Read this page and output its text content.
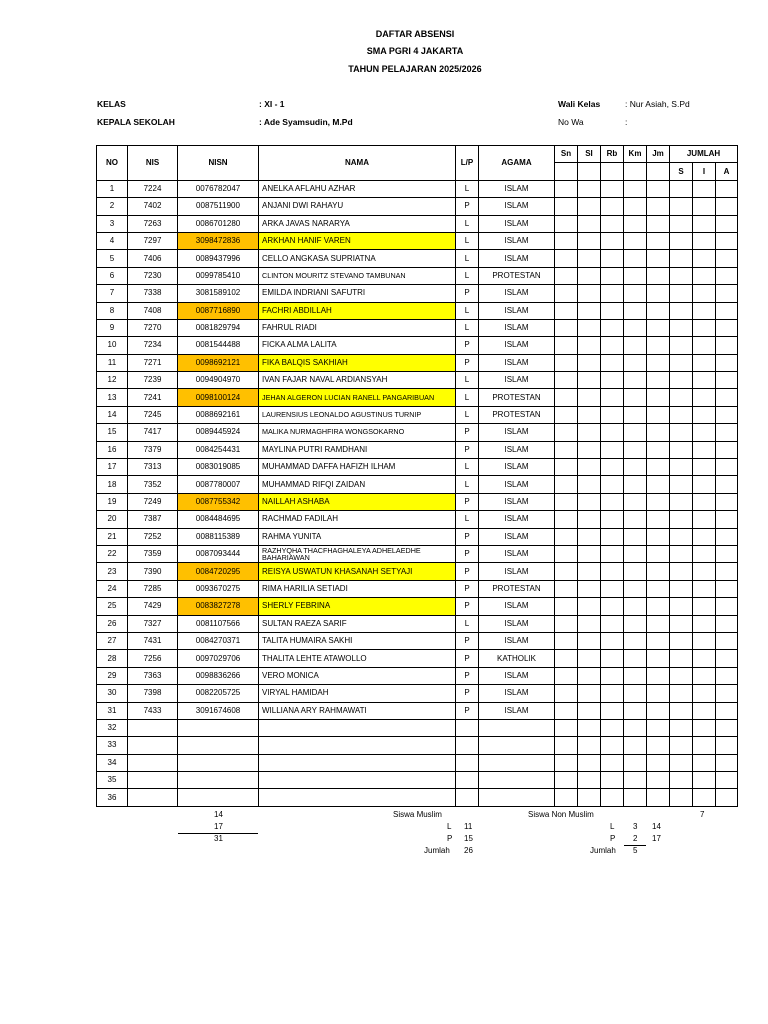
DAFTAR ABSENSI
SMA PGRI 4 JAKARTA
TAHUN PELAJARAN 2025/2026
KELAS	: XI - 1
KEPALA SEKOLAH	: Ade Syamsudin, M.Pd
Wali Kelas	: Nur Asiah, S.Pd
No Wa	:
NO	NIS	NISN	NAMA	L/P	AGAMA	Sn	SI	Rb	Km	Jm	JUMLAH		
											S	I	A
1	7224	0076782047	ANELKA AFLAHU AZHAR	L	ISLAM								
2	7402	0087511900	ANJANI DWI RAHAYU	P	ISLAM								
3	7263	0086701280	ARKA JAVAS NARARYA	L	ISLAM								
4	7297	3098472836	ARKHAN HANIF VAREN	L	ISLAM								
5	7406	0089437996	CELLO ANGKASA SUPRIATNA	L	ISLAM								
6	7230	0099785410	CLINTON MOURITZ STEVANO TAMBUNAN	L	PROTESTAN								
7	7338	3081589102	EMILDA INDRIANI SAFUTRI	P	ISLAM								
8	7408	0087716890	FACHRI ABDILLAH	L	ISLAM								
9	7270	0081829794	FAHRUL RIADI	L	ISLAM								
10	7234	0081544488	FICKA ALMA LALITA	P	ISLAM								
11	7271	0098692121	FIKA BALQIS SAKHIAH	P	ISLAM								
12	7239	0094904970	IVAN FAJAR NAVAL ARDIANSYAH	L	ISLAM								
13	7241	0098100124	JEHAN ALGERON LUCIAN RANELL PANGARIBUAN	L	PROTESTAN								
14	7245	0088692161	LAURENSIUS LEONALDO AGUSTINUS TURNIP	L	PROTESTAN								
15	7417	0089445924	MALIKA NURMAGHFIRA WONGSOKARNO	P	ISLAM								
16	7379	0084254431	MAYLINA PUTRI RAMDHANI	P	ISLAM								
17	7313	0083019085	MUHAMMAD DAFFA HAFIZH ILHAM	L	ISLAM								
18	7352	0087780007	MUHAMMAD RIFQI ZAIDAN	L	ISLAM								
19	7249	0087755342	NAILLAH ASHABA	P	ISLAM								
20	7387	0084484695	RACHMAD FADILAH	L	ISLAM								
21	7252	0088115389	RAHMA YUNITA	P	ISLAM								
22	7359	0087093444	RAZHYQHA THACFHAGHALEYA ADHELAEDHE BAHARIAWAN	P	ISLAM								
23	7390	0084720295	REISYA USWATUN KHASANAH SETYAJI	P	ISLAM								
24	7285	0093670275	RIMA HARILIA SETIADI	P	PROTESTAN								
25	7429	0083827278	SHERLY FEBRINA	P	ISLAM								
26	7327	0081107566	SULTAN RAEZA SARIF	L	ISLAM								
27	7431	0084270371	TALITA HUMAIRA SAKHI	P	ISLAM								
28	7256	0097029706	THALITA LEHTE ATAWOLLO	P	KATHOLIK								
29	7363	0098836266	VERO MONICA	P	ISLAM								
30	7398	0082205725	VIRYAL HAMIDAH	P	ISLAM								
31	7433	3091674608	WILLIANA ARY RAHMAWATI	P	ISLAM								
32													
33													
34													
35													
36													
14
17
31
Siswa Muslim
L 11
P 15
Jumlah 26
Siswa Non Muslim	7
L 3 14
P 2 17
Jumlah 5
